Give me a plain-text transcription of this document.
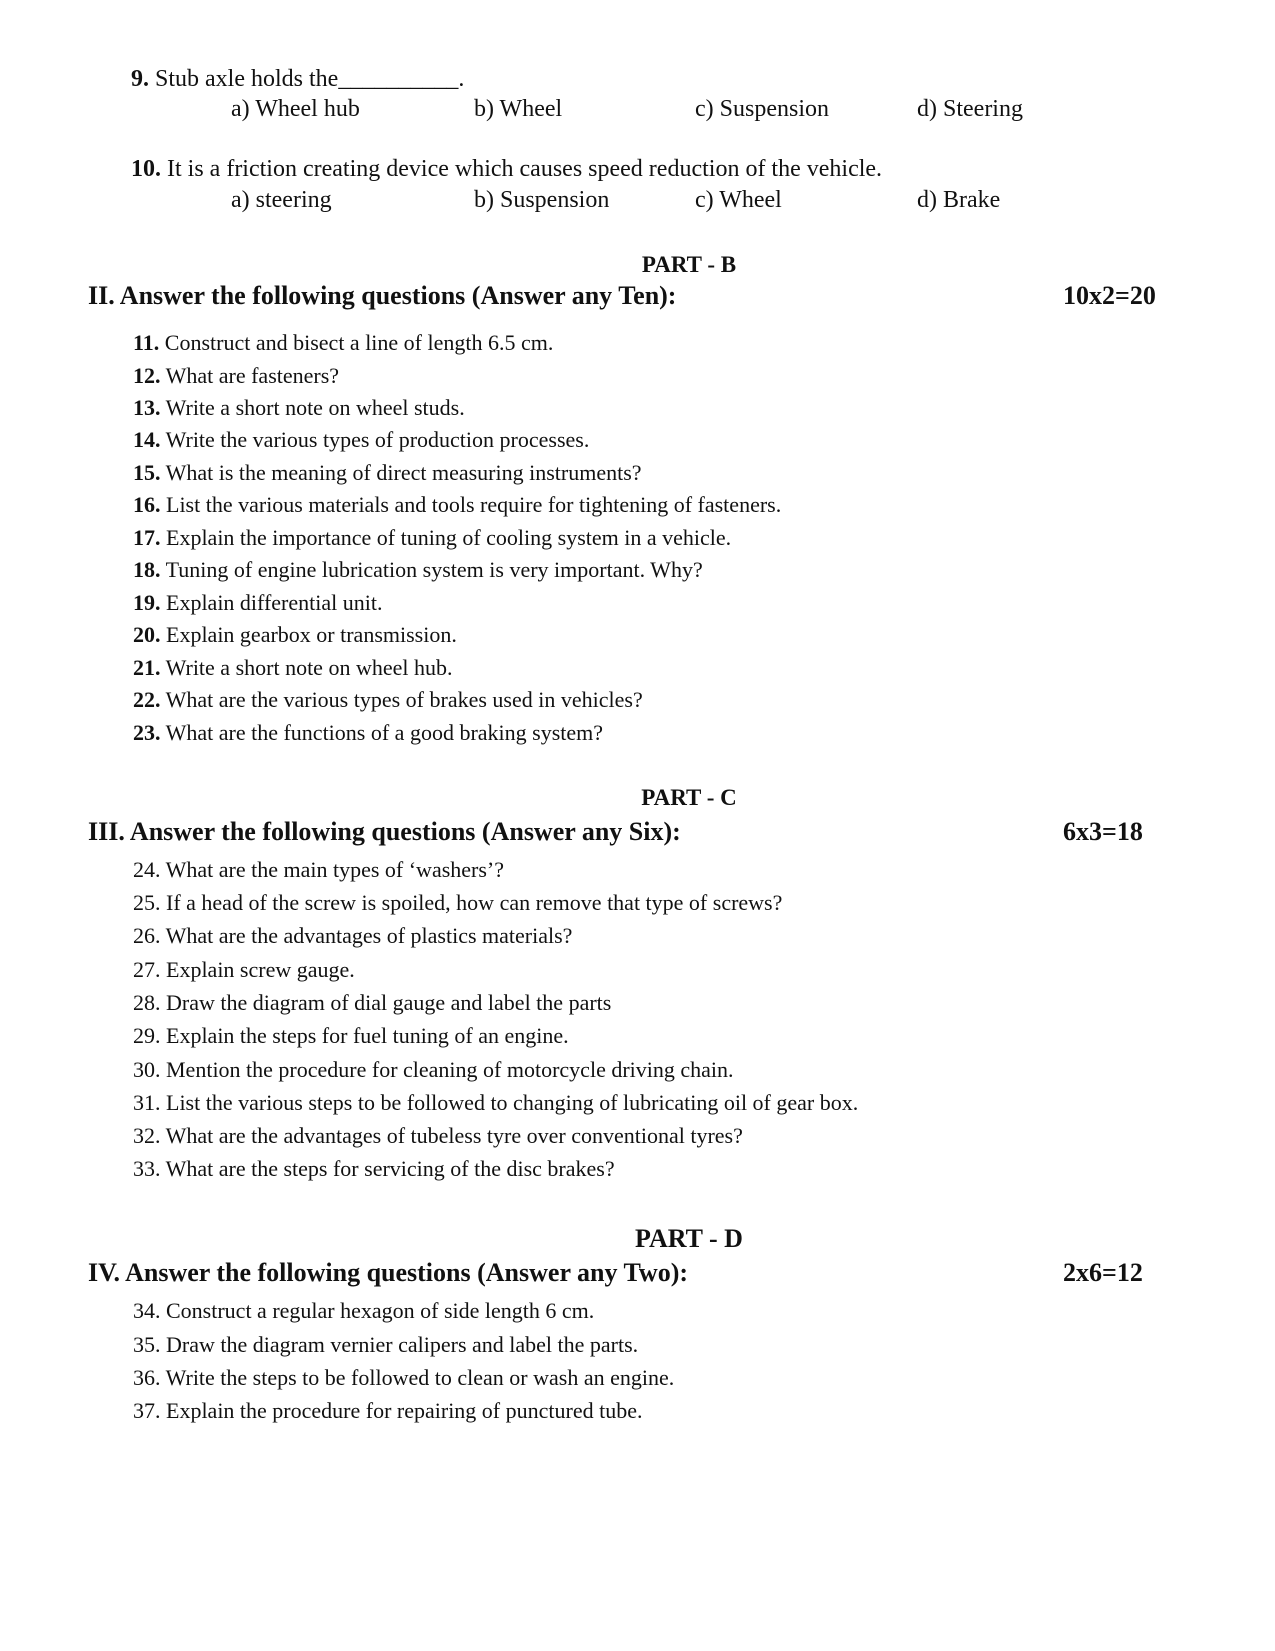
9. Stub axle holds the__________.
a) Wheel hub	b) Wheel	c) Suspension	d) Steering
10. It is a friction creating device which causes speed reduction of the vehicle.
a) steering	b) Suspension	c) Wheel	d) Brake
PART - B
II. Answer the following questions (Answer any Ten):	10x2=20
11. Construct and bisect a line of length 6.5 cm.
12. What are fasteners?
13. Write a short note on wheel studs.
14. Write the various types of production processes.
15. What is the meaning of direct measuring instruments?
16. List the various materials and tools require for tightening of fasteners.
17. Explain the importance of tuning of cooling system in a vehicle.
18. Tuning of engine lubrication system is very important. Why?
19. Explain differential unit.
20. Explain gearbox or transmission.
21. Write a short note on wheel hub.
22. What are the various types of brakes used in vehicles?
23. What are the functions of a good braking system?
PART - C
III. Answer the following questions (Answer any Six):	6x3=18
24. What are the main types of ‘washers’?
25. If a head of the screw is spoiled, how can remove that type of screws?
26. What are the advantages of plastics materials?
27. Explain screw gauge.
28. Draw the diagram of dial gauge and label the parts
29. Explain the steps for fuel tuning of an engine.
30. Mention the procedure for cleaning of motorcycle driving chain.
31. List the various steps to be followed to changing of lubricating oil of gear box.
32. What are the advantages of tubeless tyre over conventional tyres?
33. What are the steps for servicing of the disc brakes?
PART - D
IV. Answer the following questions (Answer any Two):	2x6=12
34. Construct a regular hexagon of side length 6 cm.
35. Draw the diagram vernier calipers and label the parts.
36. Write the steps to be followed to clean or wash an engine.
37. Explain the procedure for repairing of punctured tube.
